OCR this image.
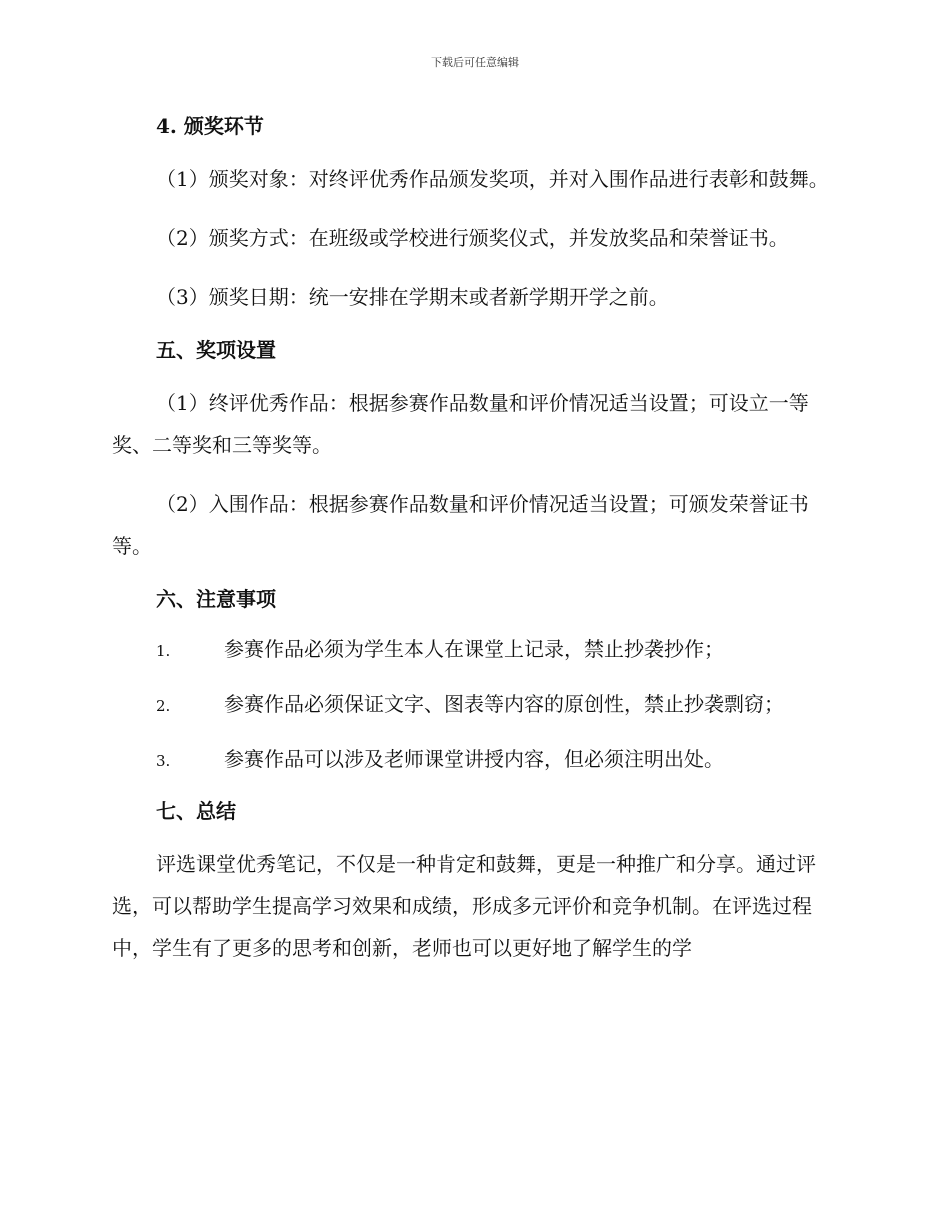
下载后可任意编辑

4. 颁奖环节

（1）颁奖对象：对终评优秀作品颁发奖项，并对入围作品进行表彰和鼓舞。

（2）颁奖方式：在班级或学校进行颁奖仪式，并发放奖品和荣誉证书。

（3）颁奖日期：统一安排在学期末或者新学期开学之前。

五、奖项设置

（1）终评优秀作品：根据参赛作品数量和评价情况适当设置；可设立一等奖、二等奖和三等奖等。

（2）入围作品：根据参赛作品数量和评价情况适当设置；可颁发荣誉证书等。

六、注意事项

1.	参赛作品必须为学生本人在课堂上记录，禁止抄袭抄作；
2.	参赛作品必须保证文字、图表等内容的原创性，禁止抄袭剽窃；
3.	参赛作品可以涉及老师课堂讲授内容，但必须注明出处。

七、总结

评选课堂优秀笔记，不仅是一种肯定和鼓舞，更是一种推广和分享。通过评选，可以帮助学生提高学习效果和成绩，形成多元评价和竞争机制。在评选过程中，学生有了更多的思考和创新，老师也可以更好地了解学生的学
